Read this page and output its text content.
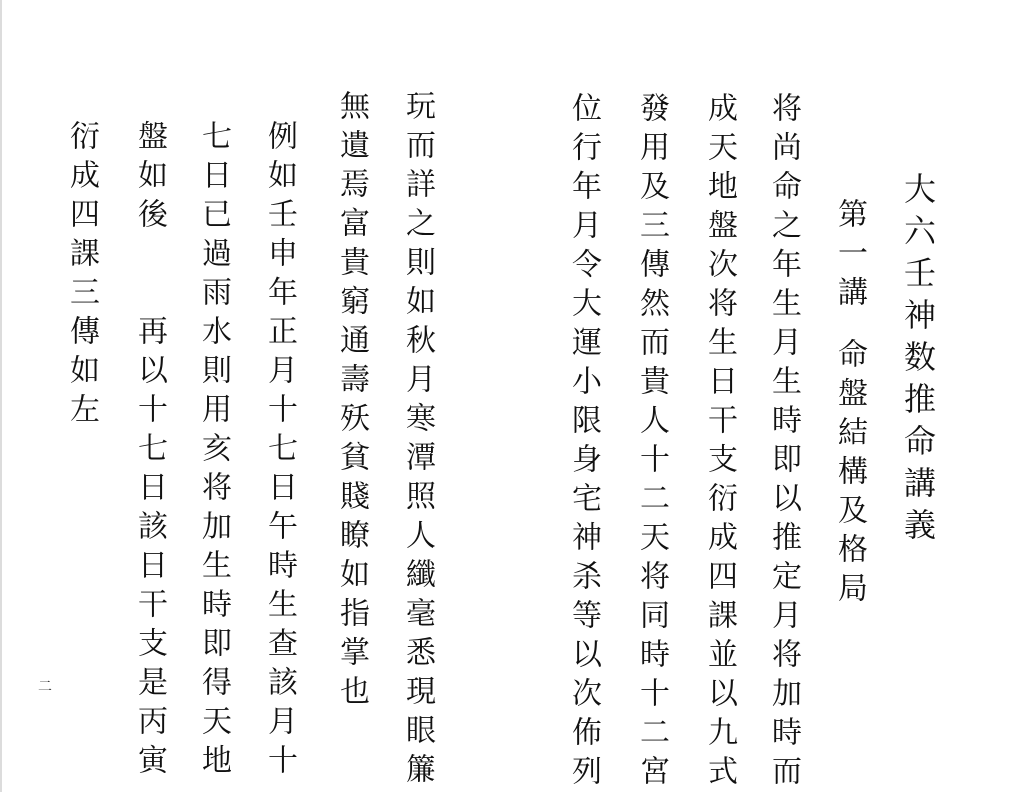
大六壬神数推命講義
第一講
命盤結構及格局
将尚命之年生月生時即以推定月将加時而
成天地盤次将生日干支衍成四課並以九式
發用及三傳然而貴人十二天将同時十二宮
位行年月令大運小限身宅神杀等以次佈列
玩而詳之則如秋月寒潭照人纖毫悉現眼簾
無遺焉富貴窮通壽殀貧賤瞭如指掌也
例如壬申年正月十七日午時生查該月十
七日已過雨水則用亥将加生時即得天地
盤如後　　再以十七日該日干支是丙寅
衍成四課三傳如左
二
